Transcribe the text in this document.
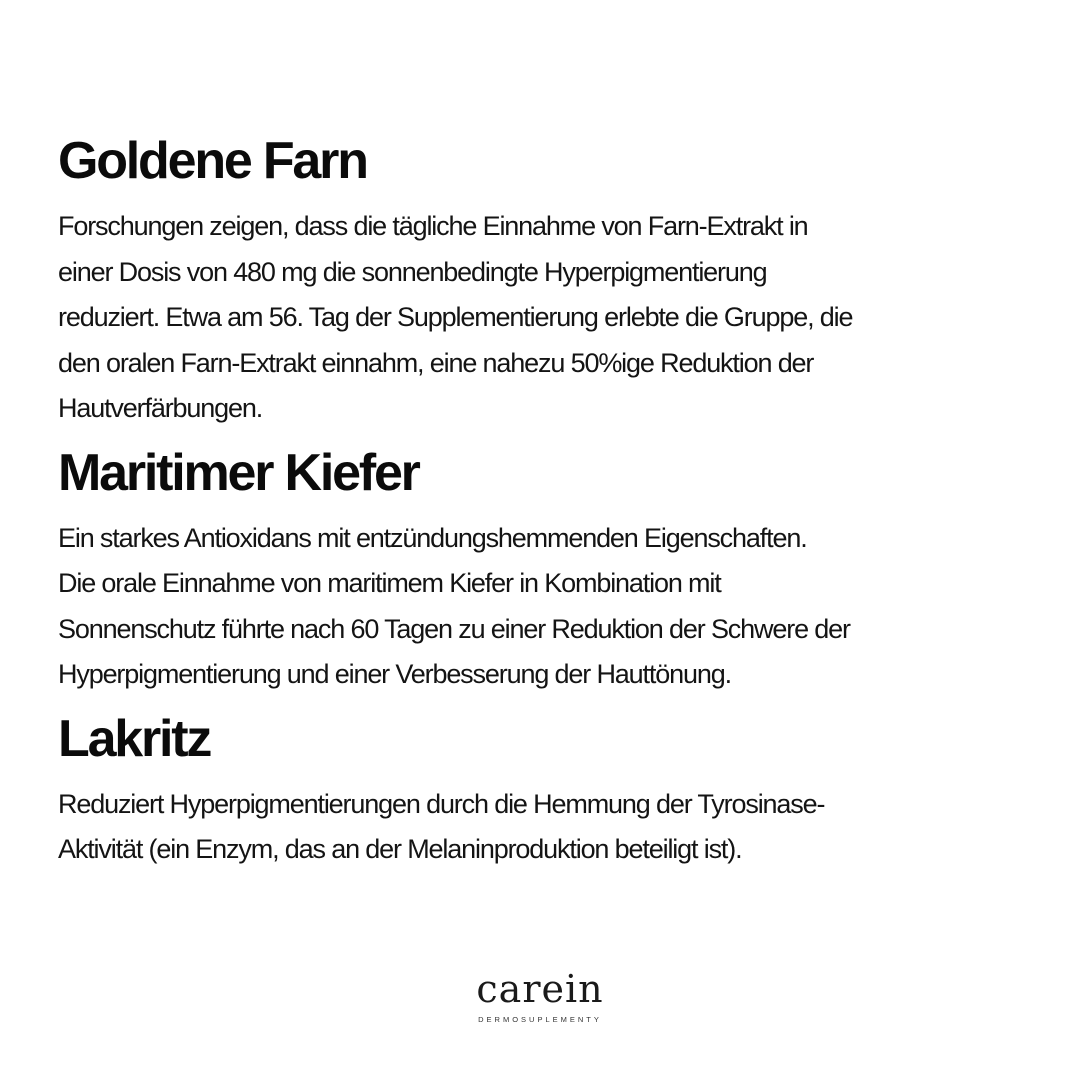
Goldene Farn

Forschungen zeigen, dass die tägliche Einnahme von Farn-Extrakt in
einer Dosis von 480 mg die sonnenbedingte Hyperpigmentierung
reduziert. Etwa am 56. Tag der Supplementierung erlebte die Gruppe, die
den oralen Farn-Extrakt einnahm, eine nahezu 50%ige Reduktion der
Hautverfärbungen.

Maritimer Kiefer

Ein starkes Antioxidans mit entzündungshemmenden Eigenschaften.
Die orale Einnahme von maritimem Kiefer in Kombination mit
Sonnenschutz führte nach 60 Tagen zu einer Reduktion der Schwere der
Hyperpigmentierung und einer Verbesserung der Hauttönung.

Lakritz

Reduziert Hyperpigmentierungen durch die Hemmung der Tyrosinase-
Aktivität (ein Enzym, das an der Melaninproduktion beteiligt ist).

carein
DERMOSUPLEMENTY
